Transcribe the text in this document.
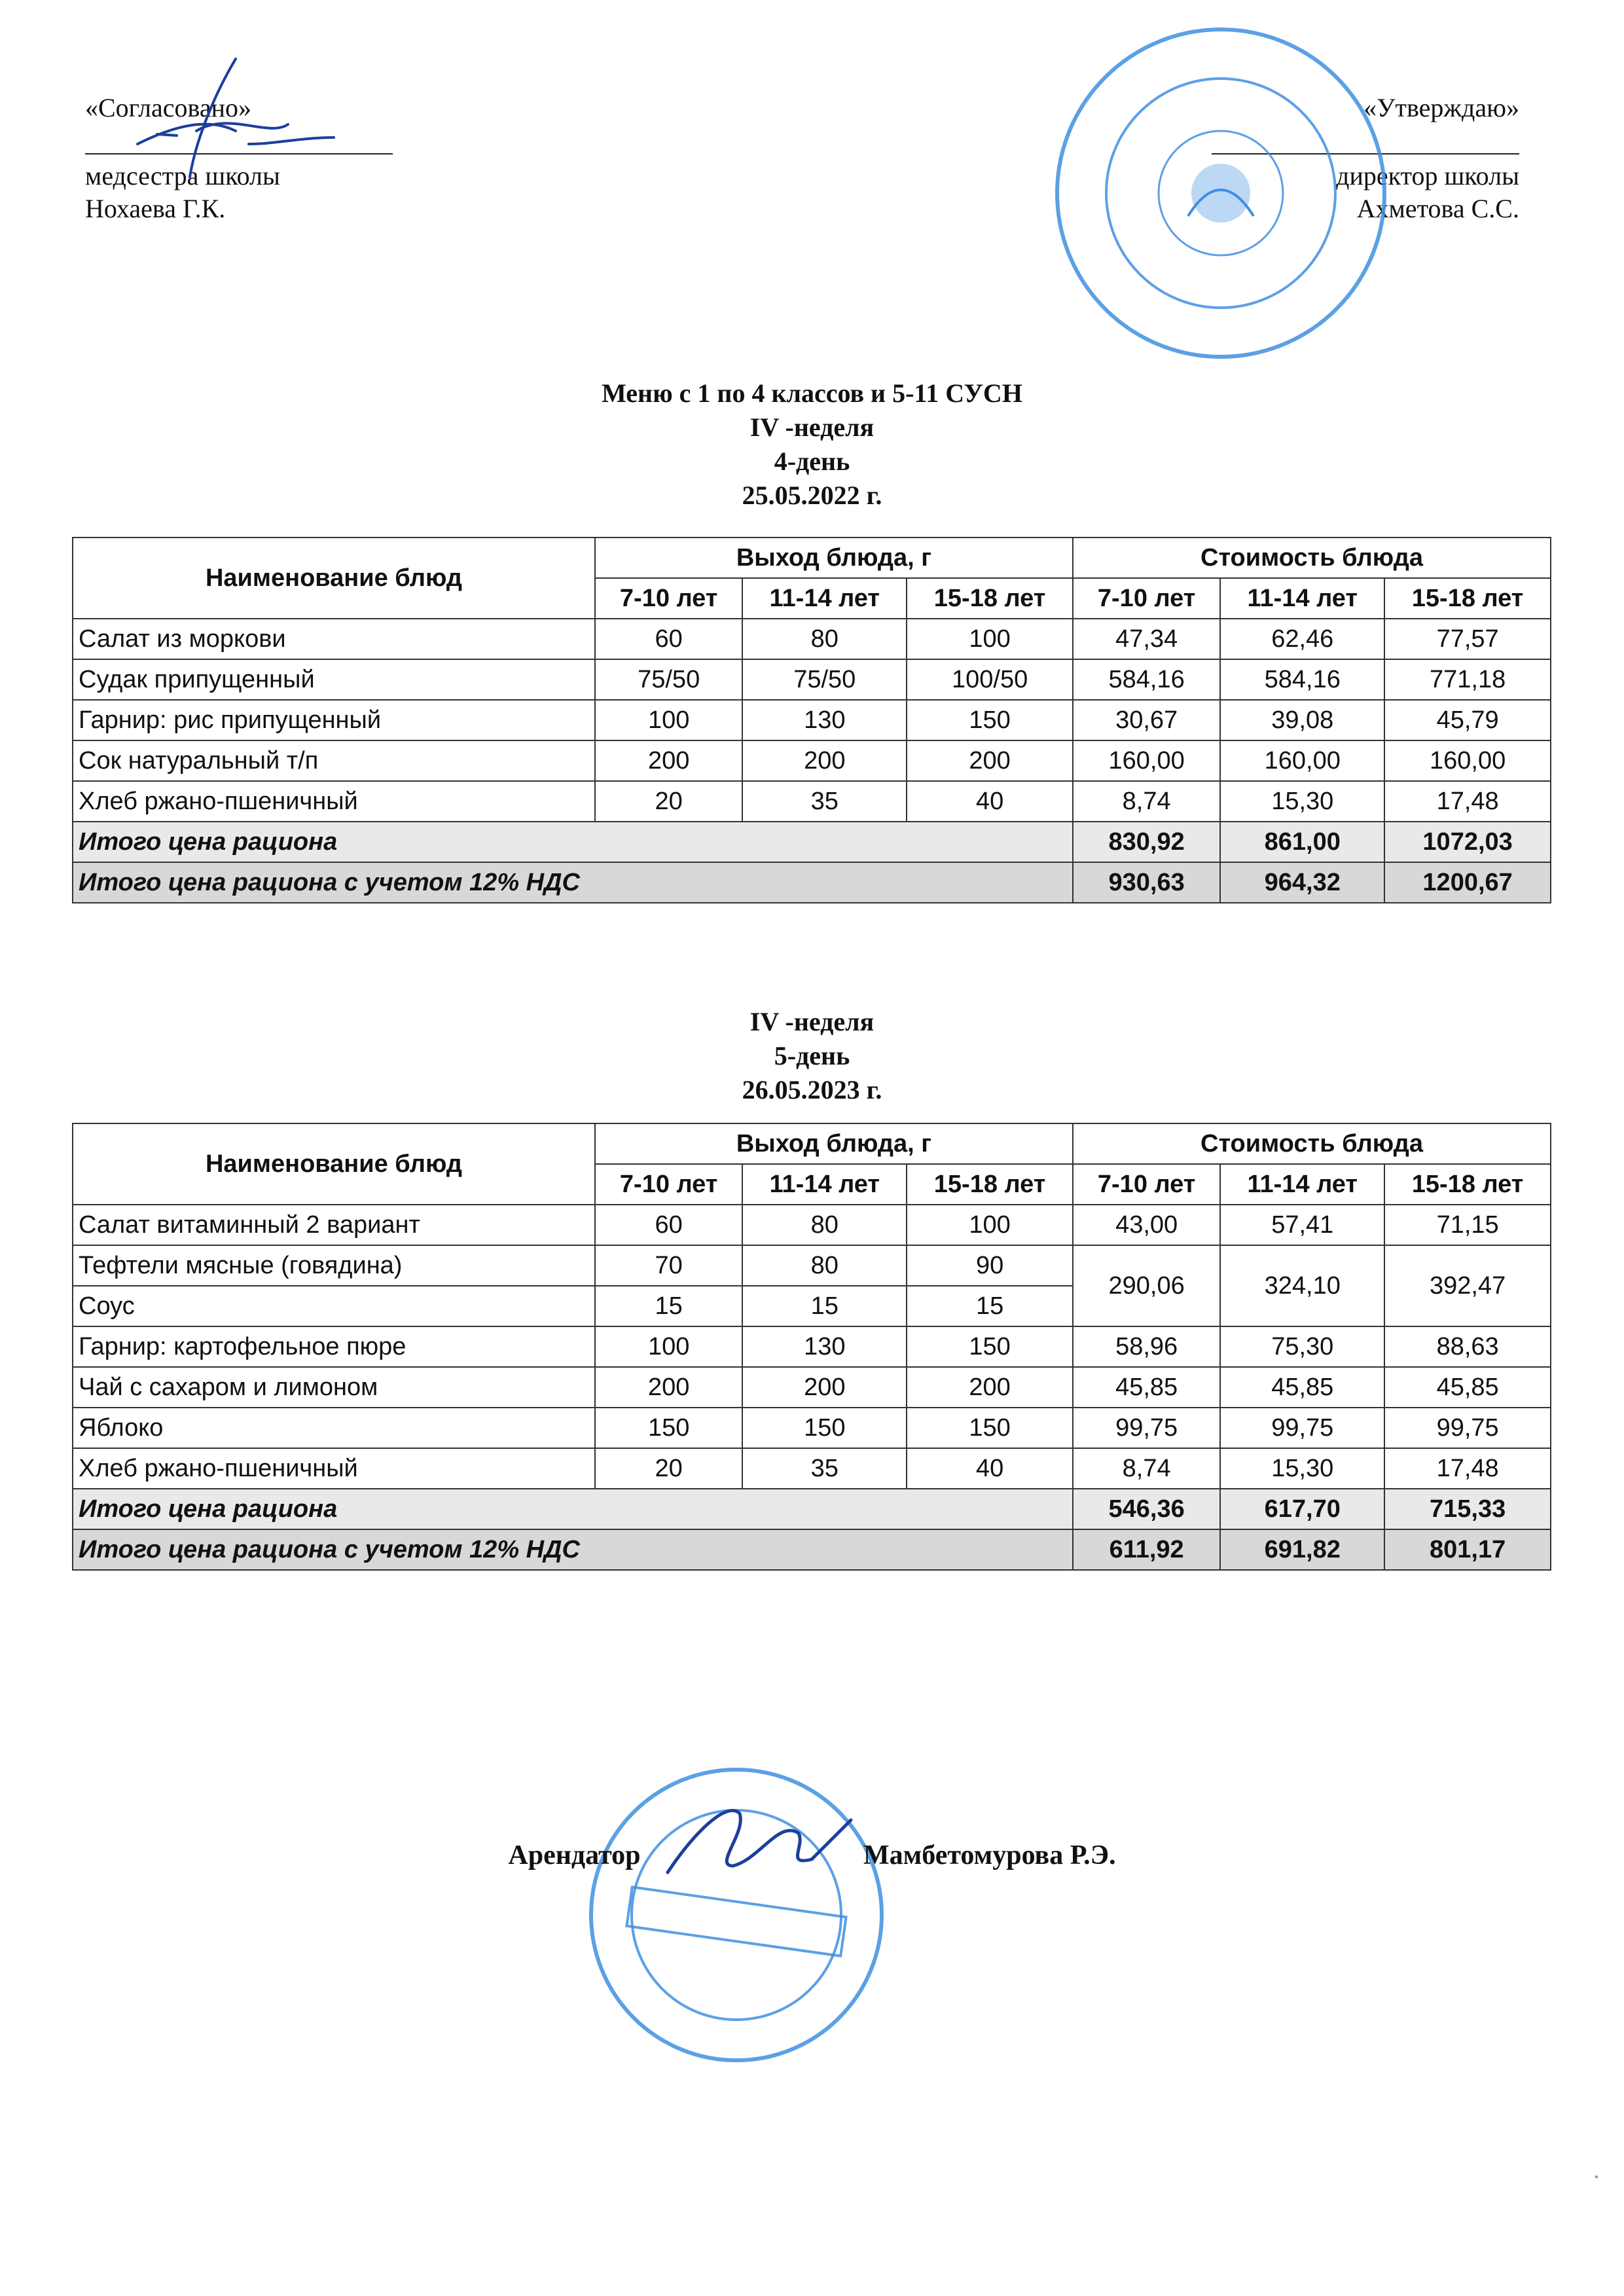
«Согласовано»
медсестра школы
Нохаева Г.К.
«Утверждаю»
директор школы
Ахметова С.С.
Меню с 1 по 4 классов и 5-11 СУСН
IV -неделя
4-день
25.05.2022 г.
Наименование блюд	Выход блюда, г			Стоимость блюда		
	7-10 лет	11-14 лет	15-18 лет	7-10 лет	11-14 лет	15-18 лет
Салат из моркови	60	80	100	47,34	62,46	77,57
Судак припущенный	75/50	75/50	100/50	584,16	584,16	771,18
Гарнир: рис припущенный	100	130	150	30,67	39,08	45,79
Сок натуральный т/п	200	200	200	160,00	160,00	160,00
Хлеб ржано-пшеничный	20	35	40	8,74	15,30	17,48
Итого цена рациона				830,92	861,00	1072,03
Итого цена рациона с учетом 12% НДС				930,63	964,32	1200,67
IV -неделя
5-день
26.05.2023 г.
Наименование блюд	Выход блюда, г			Стоимость блюда		
	7-10 лет	11-14 лет	15-18 лет	7-10 лет	11-14 лет	15-18 лет
Салат витаминный 2 вариант	60	80	100	43,00	57,41	71,15
Тефтели мясные (говядина)	70	80	90	290,06	324,10	392,47
Соус	15	15	15			
Гарнир: картофельное пюре	100	130	150	58,96	75,30	88,63
Чай с сахаром и лимоном	200	200	200	45,85	45,85	45,85
Яблоко	150	150	150	99,75	99,75	99,75
Хлеб ржано-пшеничный	20	35	40	8,74	15,30	17,48
Итого цена рациона				546,36	617,70	715,33
Итого цена рациона с учетом 12% НДС				611,92	691,82	801,17
Арендатор	Мамбетомурова Р.Э.
